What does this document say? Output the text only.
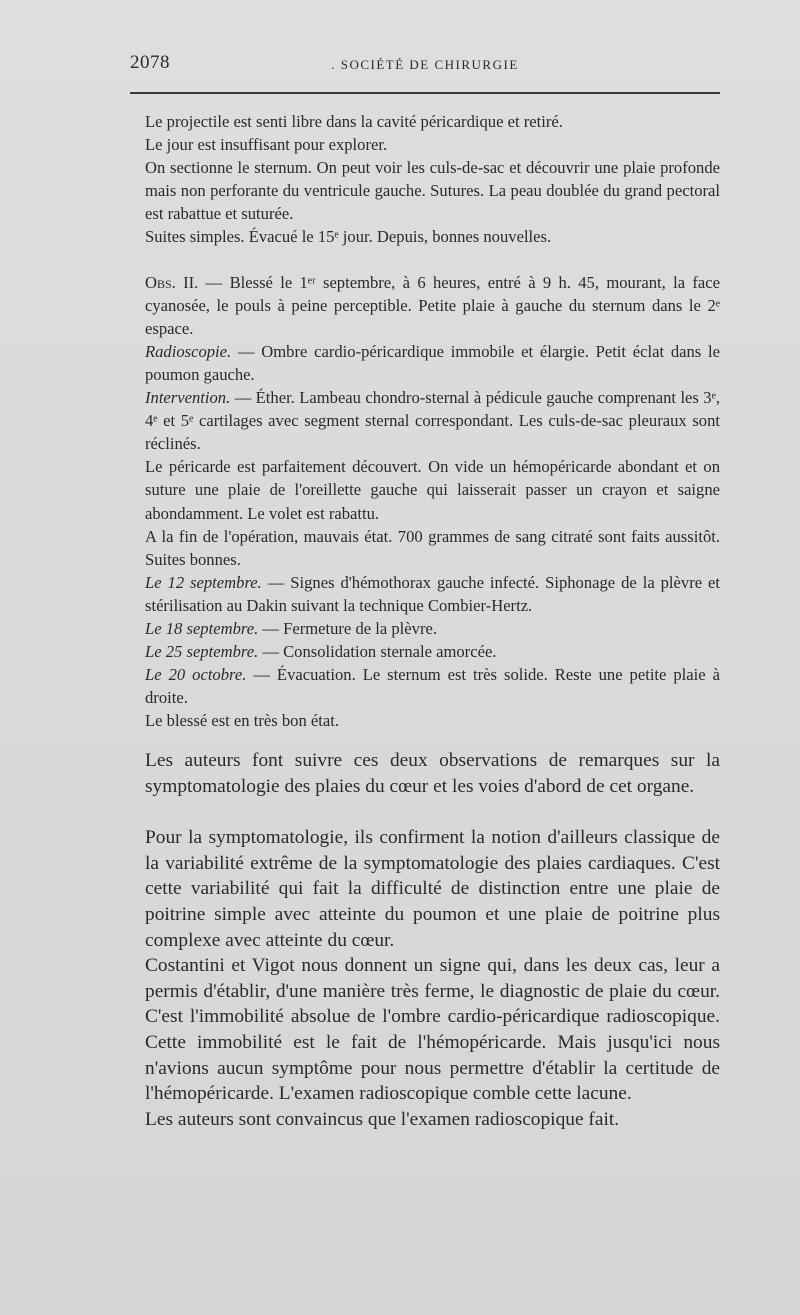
2078	. SOCIÉTÉ DE CHIRURGIE

Le projectile est senti libre dans la cavité péricardique et retiré.

Le jour est insuffisant pour explorer.

On sectionne le sternum. On peut voir les culs-de-sac et découvrir une plaie profonde mais non perforante du ventricule gauche. Sutures. La peau doublée du grand pectoral est rabattue et suturée.

Suites simples. Évacué le 15ᵉ jour. Depuis, bonnes nouvelles.

Obs. II. — Blessé le 1ᵉʳ septembre, à 6 heures, entré à 9 h. 45, mourant, la face cyanosée, le pouls à peine perceptible. Petite plaie à gauche du sternum dans le 2ᵉ espace.

Radioscopie. — Ombre cardio-péricardique immobile et élargie. Petit éclat dans le poumon gauche.

Intervention. — Éther. Lambeau chondro-sternal à pédicule gauche comprenant les 3ᵉ, 4ᵉ et 5ᵉ cartilages avec segment sternal correspondant. Les culs-de-sac pleuraux sont réclinés.

Le péricarde est parfaitement découvert. On vide un hémopéricarde abondant et on suture une plaie de l'oreillette gauche qui laisserait passer un crayon et saigne abondamment. Le volet est rabattu.

A la fin de l'opération, mauvais état. 700 grammes de sang citraté sont faits aussitôt. Suites bonnes.

Le 12 septembre. — Signes d'hémothorax gauche infecté. Siphonage de la plèvre et stérilisation au Dakin suivant la technique Combier-Hertz.

Le 18 septembre. — Fermeture de la plèvre.

Le 25 septembre. — Consolidation sternale amorcée.

Le 20 octobre. — Évacuation. Le sternum est très solide. Reste une petite plaie à droite.

Le blessé est en très bon état.

Les auteurs font suivre ces deux observations de remarques sur la symptomatologie des plaies du cœur et les voies d'abord de cet organe.

Pour la symptomatologie, ils confirment la notion d'ailleurs classique de la variabilité extrême de la symptomatologie des plaies cardiaques. C'est cette variabilité qui fait la difficulté de distinction entre une plaie de poitrine simple avec atteinte du poumon et une plaie de poitrine plus complexe avec atteinte du cœur.

Costantini et Vigot nous donnent un signe qui, dans les deux cas, leur a permis d'établir, d'une manière très ferme, le diagnostic de plaie du cœur. C'est l'immobilité absolue de l'ombre cardio-péricardique radioscopique. Cette immobilité est le fait de l'hémopéricarde. Mais jusqu'ici nous n'avions aucun symptôme pour nous permettre d'établir la certitude de l'hémopéricarde. L'examen radioscopique comble cette lacune.

Les auteurs sont convaincus que l'examen radioscopique fait.
